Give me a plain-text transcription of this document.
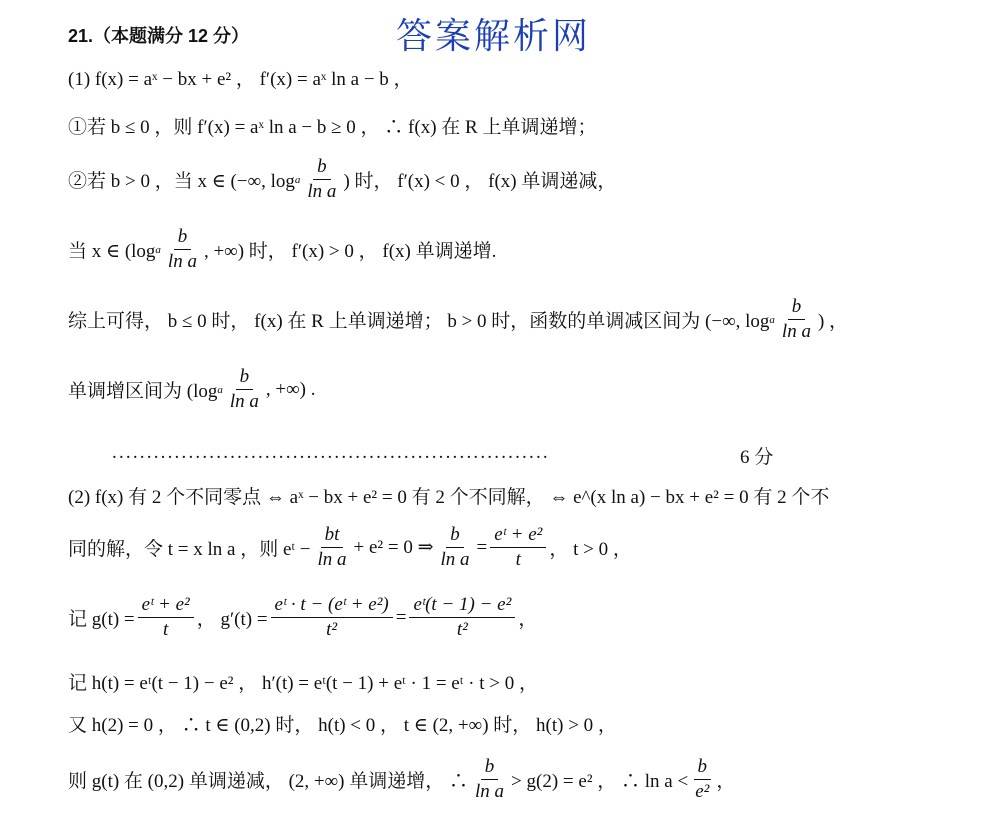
答案解析网
21.（本题满分 12 分）
(1) f(x) = aˣ − bx + e² ， f′(x) = aˣ ln a − b ，
①若 b ≤ 0 ，则 f′(x) = aˣ ln a − b ≥ 0 ， ∴ f(x) 在 R 上单调递增；
②若 b > 0 ，当 x ∈ (−∞, log a $\frac{b}{\text{ln a}}$ ) 时， f′(x) < 0 ， f(x) 单调递减，
当 x ∈ (log a $\frac{b}{\text{ln a}}$ , +∞) 时， f′(x) > 0 ， f(x) 单调递增.
综上可得， b ≤ 0 时， f(x) 在 R 上单调递增； b > 0 时，函数的单调减区间为 (−∞, log a $\frac{b}{\text{ln a}}$ ) ，
单调增区间为 (log a $\frac{b}{\text{ln a}}$ , +∞) .
...............................................................	6 分
(2) f(x) 有 2 个不同零点 ⇔ aˣ − bx + e² = 0 有 2 个不同解， ⇔ e^(x ln a) − bx + e² = 0 有 2 个不
同的解，令 t = x ln a ，则 eᵗ − $\frac{bt}{\text{ln a}} + e^2 = 0$ ⇒ $\frac{b}{\text{ln a}} = \frac{\text{eᵗ + e²}}{t}$ ， t > 0 ，
记 $g(t) = \frac{\text{eᵗ + e²}}{t}$ ， $g'(t) = \frac{\text{eᵗ · t − (eᵗ + e²)}}{\text{t²}} = \frac{\text{eᵗ(t − 1) − e²}}{\text{t²}}$ ，
记 h(t) = eᵗ(t − 1) − e² ， h′(t) = eᵗ(t − 1) + eᵗ · 1 = eᵗ · t > 0 ，
又 h(2) = 0 ， ∴ t ∈ (0,2) 时， h(t) < 0 ， t ∈ (2, +∞) 时， h(t) > 0 ，
则 g(t) 在 (0,2) 单调递减， (2, +∞) 单调递增， ∴ $\frac{b}{\text{ln a}} > g(2) = e^2$ ， ∴ $\ln a < \frac{b}{\text{e²}}$ ，
